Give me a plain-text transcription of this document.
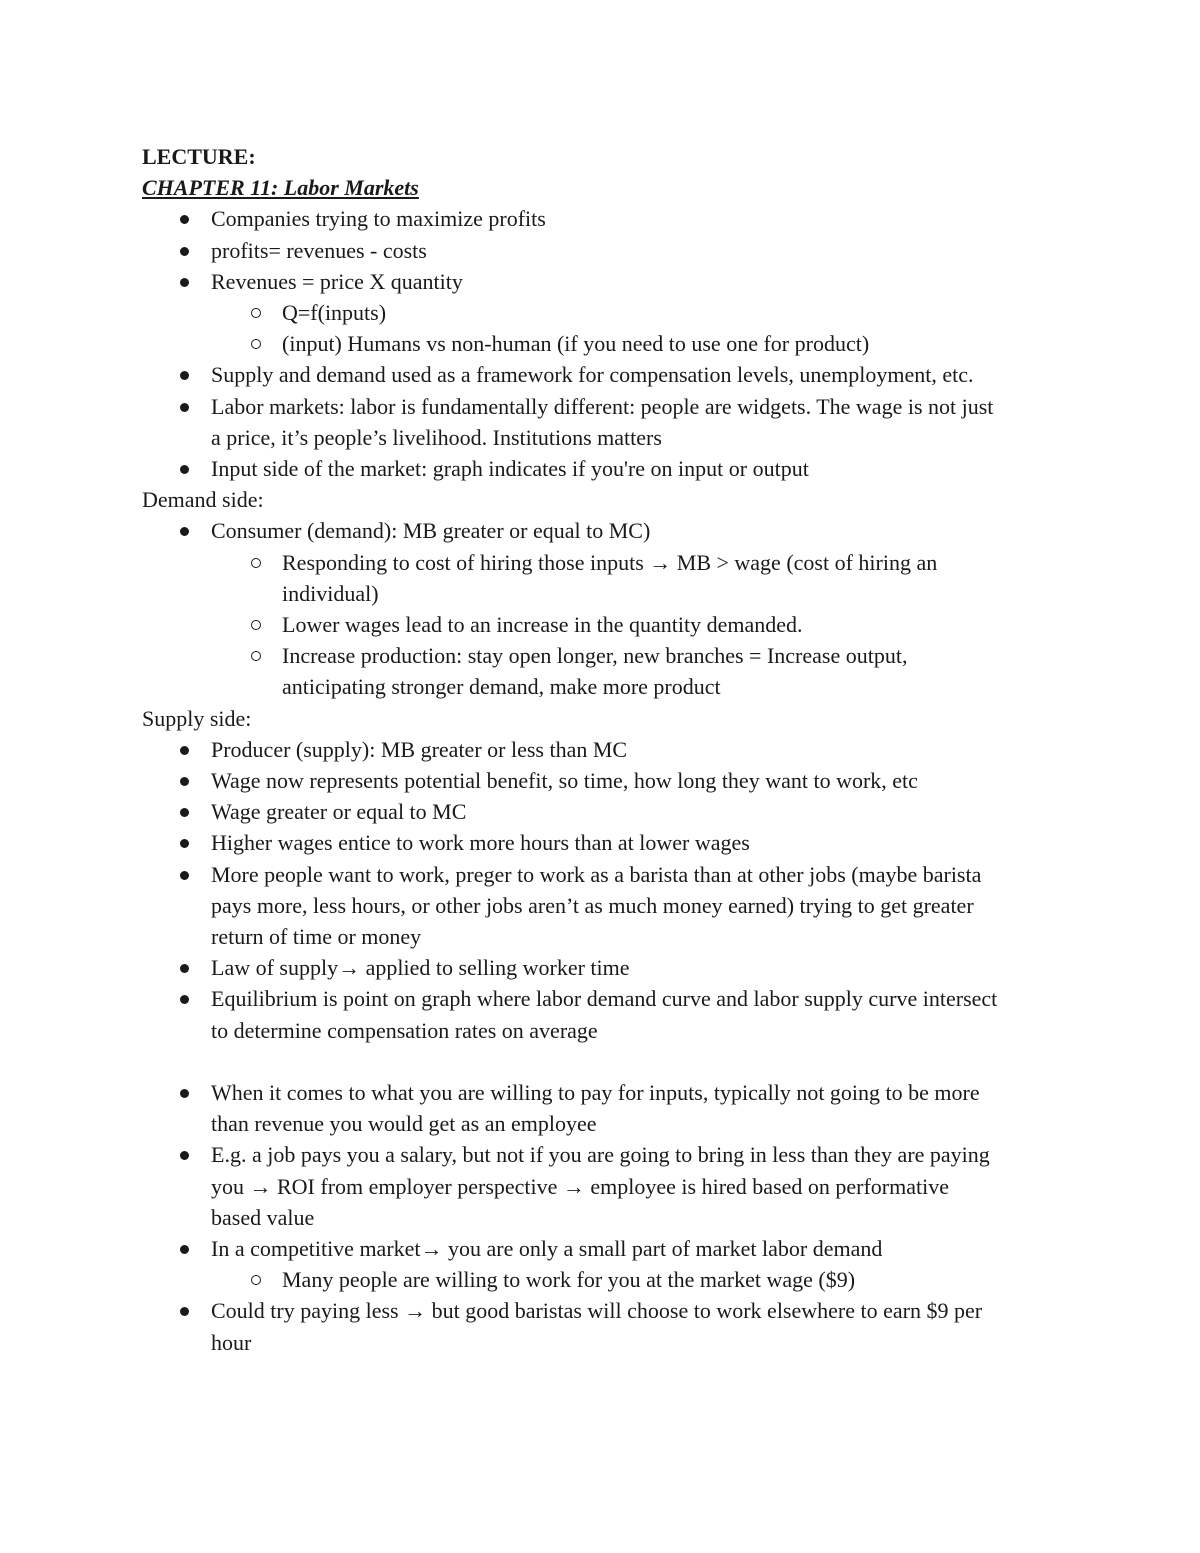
LECTURE:

CHAPTER 11: Labor Markets

Companies trying to maximize profits
profits= revenues - costs
Revenues = price X quantity
Q=f(inputs)
(input) Humans vs non-human (if you need to use one for product)
Supply and demand used as a framework for compensation levels, unemployment, etc.
Labor markets: labor is fundamentally different: people are widgets. The wage is not just
a price, it’s people’s livelihood. Institutions matters
Input side of the market: graph indicates if you're on input or output

Demand side:

Consumer (demand): MB greater or equal to MC)
Responding to cost of hiring those inputs → MB > wage (cost of hiring an
individual)
Lower wages lead to an increase in the quantity demanded.
Increase production: stay open longer, new branches = Increase output,
anticipating stronger demand, make more product

Supply side:

Producer (supply): MB greater or less than MC
Wage now represents potential benefit, so time, how long they want to work, etc
Wage greater or equal to MC
Higher wages entice to work more hours than at lower wages
More people want to work, preger to work as a barista than at other jobs (maybe barista
pays more, less hours, or other jobs aren’t as much money earned) trying to get greater
return of time or money
Law of supply→ applied to selling worker time
Equilibrium is point on graph where labor demand curve and labor supply curve intersect
to determine compensation rates on average
When it comes to what you are willing to pay for inputs, typically not going to be more
than revenue you would get as an employee
E.g. a job pays you a salary, but not if you are going to bring in less than they are paying
you → ROI from employer perspective → employee is hired based on performative
based value
In a competitive market→ you are only a small part of market labor demand
Many people are willing to work for you at the market wage ($9)
Could try paying less → but good baristas will choose to work elsewhere to earn $9 per
hour
